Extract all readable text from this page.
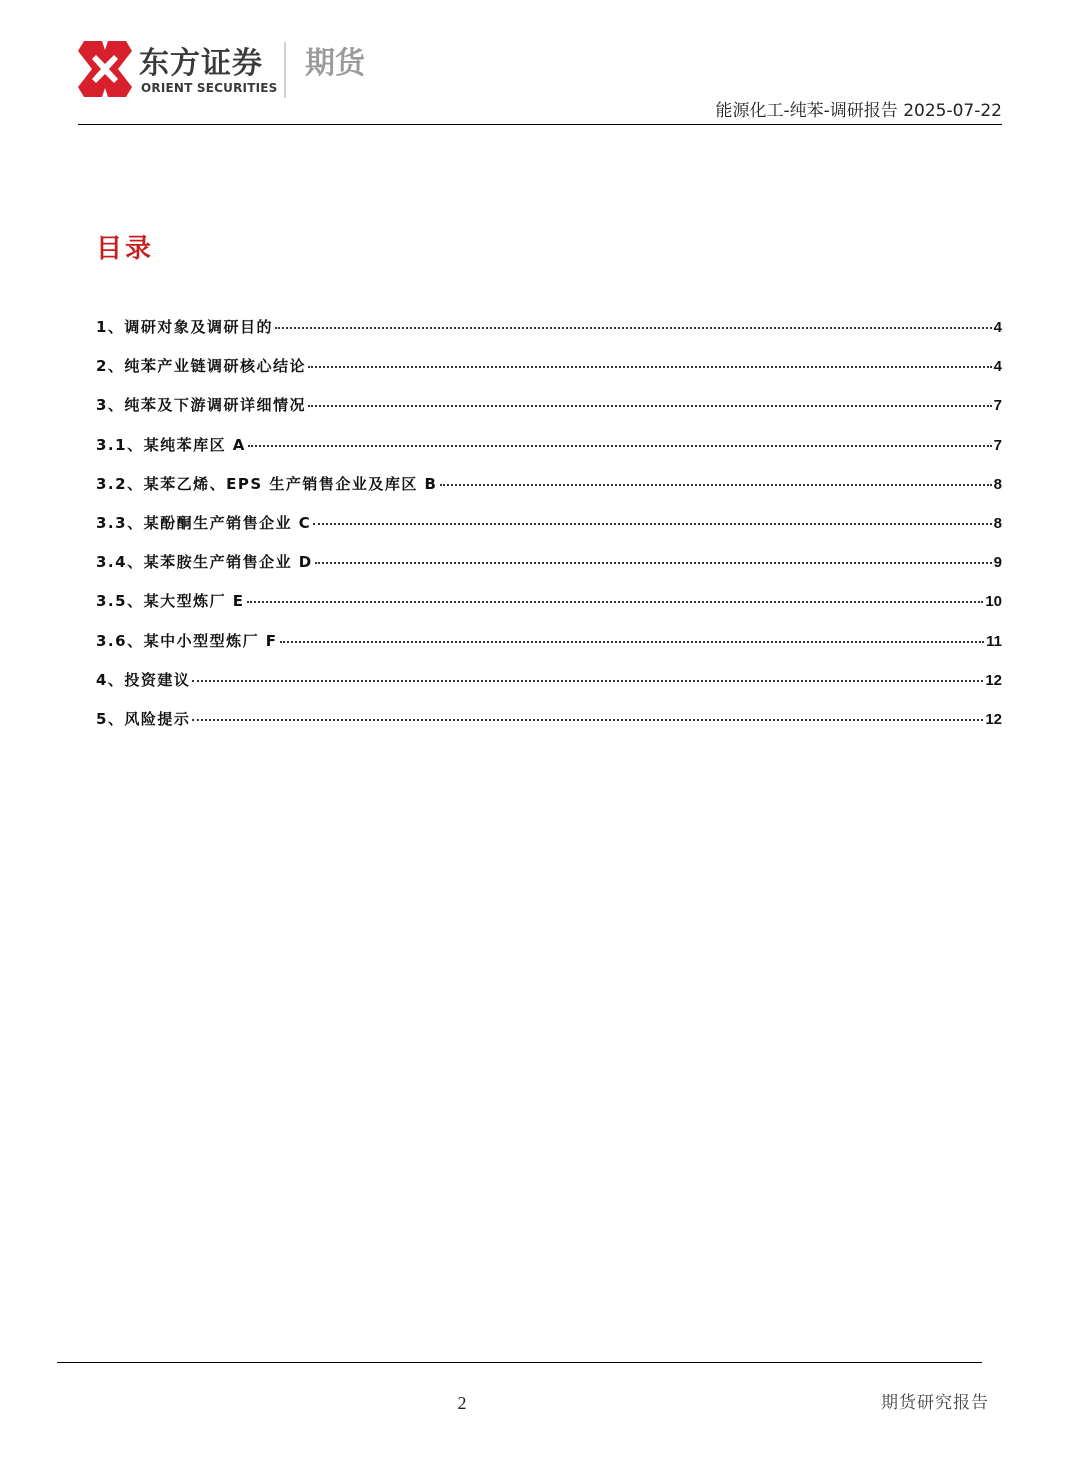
东方证券
ORIENT SECURITIES
期货
能源化工-纯苯-调研报告 2025-07-22
目录
1、调研对象及调研目的	4
2、纯苯产业链调研核心结论	4
3、纯苯及下游调研详细情况	7
3.1、某纯苯库区 A	7
3.2、某苯乙烯、EPS 生产销售企业及库区 B	8
3.3、某酚酮生产销售企业 C	8
3.4、某苯胺生产销售企业 D	9
3.5、某大型炼厂 E	10
3.6、某中小型型炼厂 F	11
4、投资建议	12
5、风险提示	12
2	期货研究报告
